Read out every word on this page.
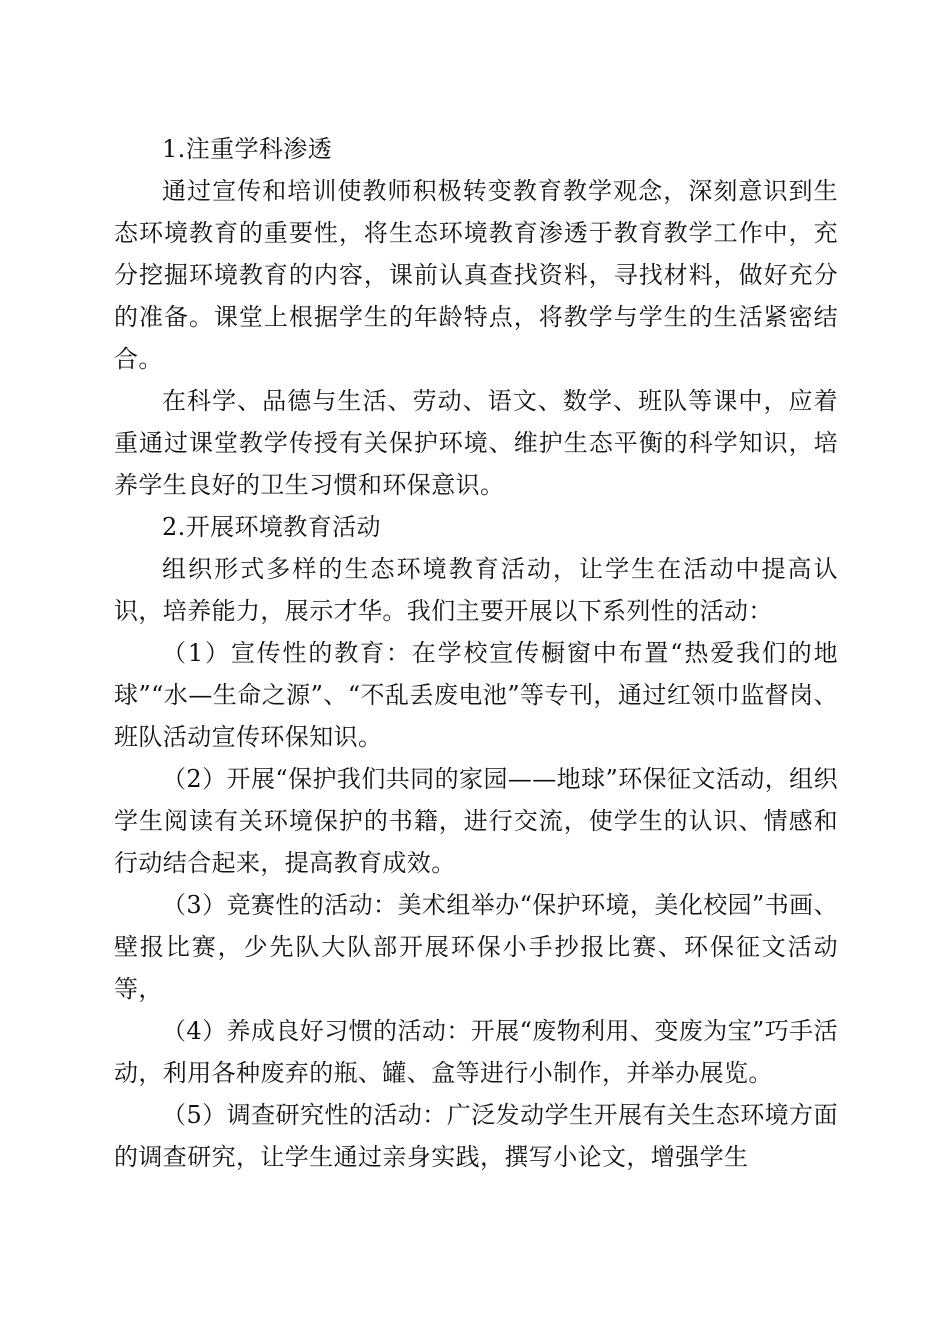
1.注重学科渗透

通过宣传和培训使教师积极转变教育教学观念，深刻意识到生态环境教育的重要性，将生态环境教育渗透于教育教学工作中，充分挖掘环境教育的内容，课前认真查找资料，寻找材料，做好充分的准备。课堂上根据学生的年龄特点，将教学与学生的生活紧密结合。

在科学、品德与生活、劳动、语文、数学、班队等课中，应着重通过课堂教学传授有关保护环境、维护生态平衡的科学知识，培养学生良好的卫生习惯和环保意识。

2.开展环境教育活动

组织形式多样的生态环境教育活动，让学生在活动中提高认识，培养能力，展示才华。我们主要开展以下系列性的活动：

（1）宣传性的教育：在学校宣传橱窗中布置“热爱我们的地球”“水—生命之源”、“不乱丢废电池”等专刊，通过红领巾监督岗、班队活动宣传环保知识。

（2）开展“保护我们共同的家园——地球”环保征文活动，组织学生阅读有关环境保护的书籍，进行交流，使学生的认识、情感和行动结合起来，提高教育成效。

（3）竞赛性的活动：美术组举办“保护环境，美化校园”书画、壁报比赛，少先队大队部开展环保小手抄报比赛、环保征文活动等，

（4）养成良好习惯的活动：开展“废物利用、变废为宝”巧手活动，利用各种废弃的瓶、罐、盒等进行小制作，并举办展览。

（5）调查研究性的活动：广泛发动学生开展有关生态环境方面的调查研究，让学生通过亲身实践，撰写小论文，增强学生
